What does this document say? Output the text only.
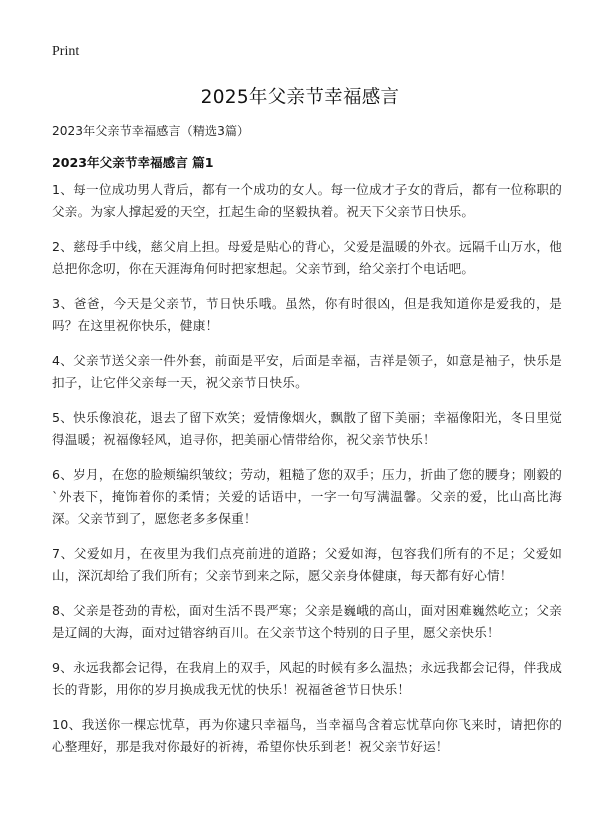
Print
2025年父亲节幸福感言
2023年父亲节幸福感言（精选3篇）
2023年父亲节幸福感言 篇1

1、每一位成功男人背后，都有一个成功的女人。每一位成才子女的背后，都有一位称职的父亲。为家人撑起爱的天空，扛起生命的坚毅执着。祝天下父亲节日快乐。

2、慈母手中线，慈父肩上担。母爱是贴心的背心，父爱是温暖的外衣。远隔千山万水，他总把你念叨，你在天涯海角何时把家想起。父亲节到，给父亲打个电话吧。

3、爸爸，今天是父亲节，节日快乐哦。虽然，你有时很凶，但是我知道你是爱我的，是吗？在这里祝你快乐，健康！

4、父亲节送父亲一件外套，前面是平安，后面是幸福，吉祥是领子，如意是袖子，快乐是扣子，让它伴父亲每一天，祝父亲节日快乐。

5、快乐像浪花，退去了留下欢笑；爱情像烟火，飘散了留下美丽；幸福像阳光，冬日里觉得温暖；祝福像轻风，追寻你，把美丽心情带给你，祝父亲节快乐！

6、岁月，在您的脸颊编织皱纹；劳动，粗糙了您的双手；压力，折曲了您的腰身；刚毅的`外表下，掩饰着你的柔情；关爱的话语中，一字一句写满温馨。父亲的爱，比山高比海深。父亲节到了，愿您老多多保重！

7、父爱如月，在夜里为我们点亮前进的道路；父爱如海，包容我们所有的不足；父爱如山，深沉却给了我们所有；父亲节到来之际，愿父亲身体健康，每天都有好心情！

8、父亲是苍劲的青松，面对生活不畏严寒；父亲是巍峨的高山，面对困难巍然屹立；父亲是辽阔的大海，面对过错容纳百川。在父亲节这个特别的日子里，愿父亲快乐！

9、永远我都会记得，在我肩上的双手，风起的时候有多么温热；永远我都会记得，伴我成长的背影，用你的岁月换成我无忧的快乐！祝福爸爸节日快乐！

10、我送你一棵忘忧草，再为你逮只幸福鸟，当幸福鸟含着忘忧草向你飞来时，请把你的心整理好，那是我对你最好的祈祷，希望你快乐到老！祝父亲节好运！
